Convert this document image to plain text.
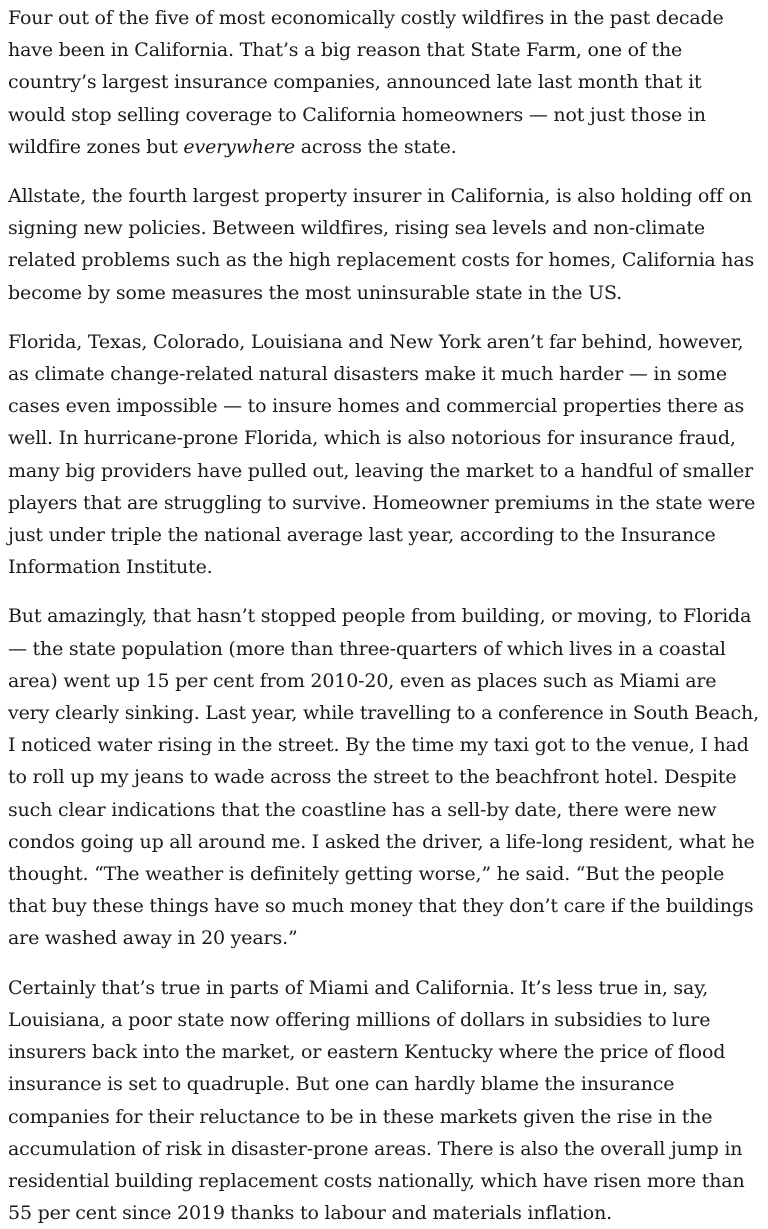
Four out of the five of most economically costly wildfires in the past decade have been in California. That’s a big reason that State Farm, one of the country’s largest insurance companies, announced late last month that it would stop selling coverage to California homeowners — not just those in wildfire zones but everywhere across the state.

Allstate, the fourth largest property insurer in California, is also holding off on signing new policies. Between wildfires, rising sea levels and non-climate related problems such as the high replacement costs for homes, California has become by some measures the most uninsurable state in the US.

Florida, Texas, Colorado, Louisiana and New York aren’t far behind, however, as climate change-related natural disasters make it much harder — in some cases even impossible — to insure homes and commercial properties there as well. In hurricane-prone Florida, which is also notorious for insurance fraud, many big providers have pulled out, leaving the market to a handful of smaller players that are struggling to survive. Homeowner premiums in the state were just under triple the national average last year, according to the Insurance Information Institute.

But amazingly, that hasn’t stopped people from building, or moving, to Florida — the state population (more than three-quarters of which lives in a coastal area) went up 15 per cent from 2010-20, even as places such as Miami are very clearly sinking. Last year, while travelling to a conference in South Beach, I noticed water rising in the street. By the time my taxi got to the venue, I had to roll up my jeans to wade across the street to the beachfront hotel. Despite such clear indications that the coastline has a sell-by date, there were new condos going up all around me. I asked the driver, a life-long resident, what he thought. “The weather is definitely getting worse,” he said. “But the people that buy these things have so much money that they don’t care if the buildings are washed away in 20 years.”

Certainly that’s true in parts of Miami and California. It’s less true in, say, Louisiana, a poor state now offering millions of dollars in subsidies to lure insurers back into the market, or eastern Kentucky where the price of flood insurance is set to quadruple. But one can hardly blame the insurance companies for their reluctance to be in these markets given the rise in the accumulation of risk in disaster-prone areas. There is also the overall jump in residential building replacement costs nationally, which have risen more than 55 per cent since 2019 thanks to labour and materials inflation.
